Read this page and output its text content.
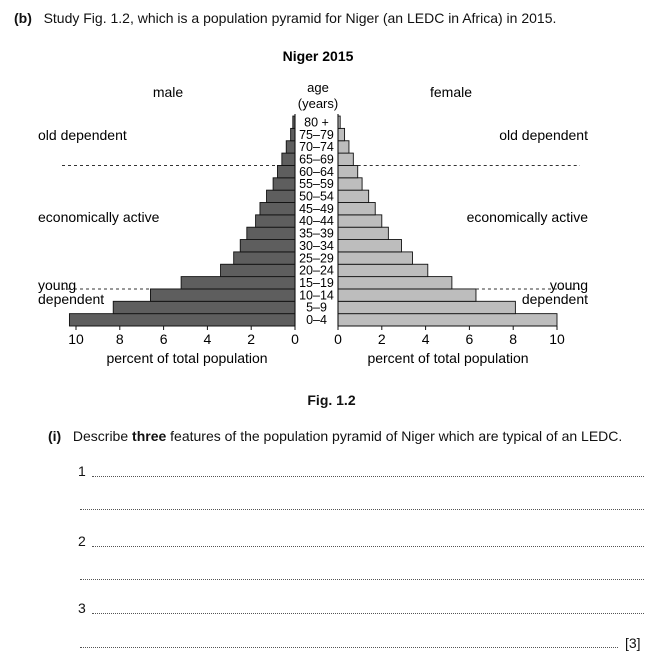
(b) Study Fig. 1.2, which is a population pyramid for Niger (an LEDC in Africa) in 2015.
Niger 2015
age
(years)
male	female
0–4
5–9
10–14
15–19
20–24
25–29
30–34
35–39
40–44
45–49
50–54
55–59
60–64
65–69
70–74
75–79
80 +
old dependent	old dependent
economically active	economically active
young
dependent
young
dependent
10 8	6	4	2	0	0	2	4	6	8 10
percent of total population	percent of total population
Fig. 1.2
(i) Describe three features of the population pyramid of Niger which are typical of an LEDC.
1
2
3
[3]
